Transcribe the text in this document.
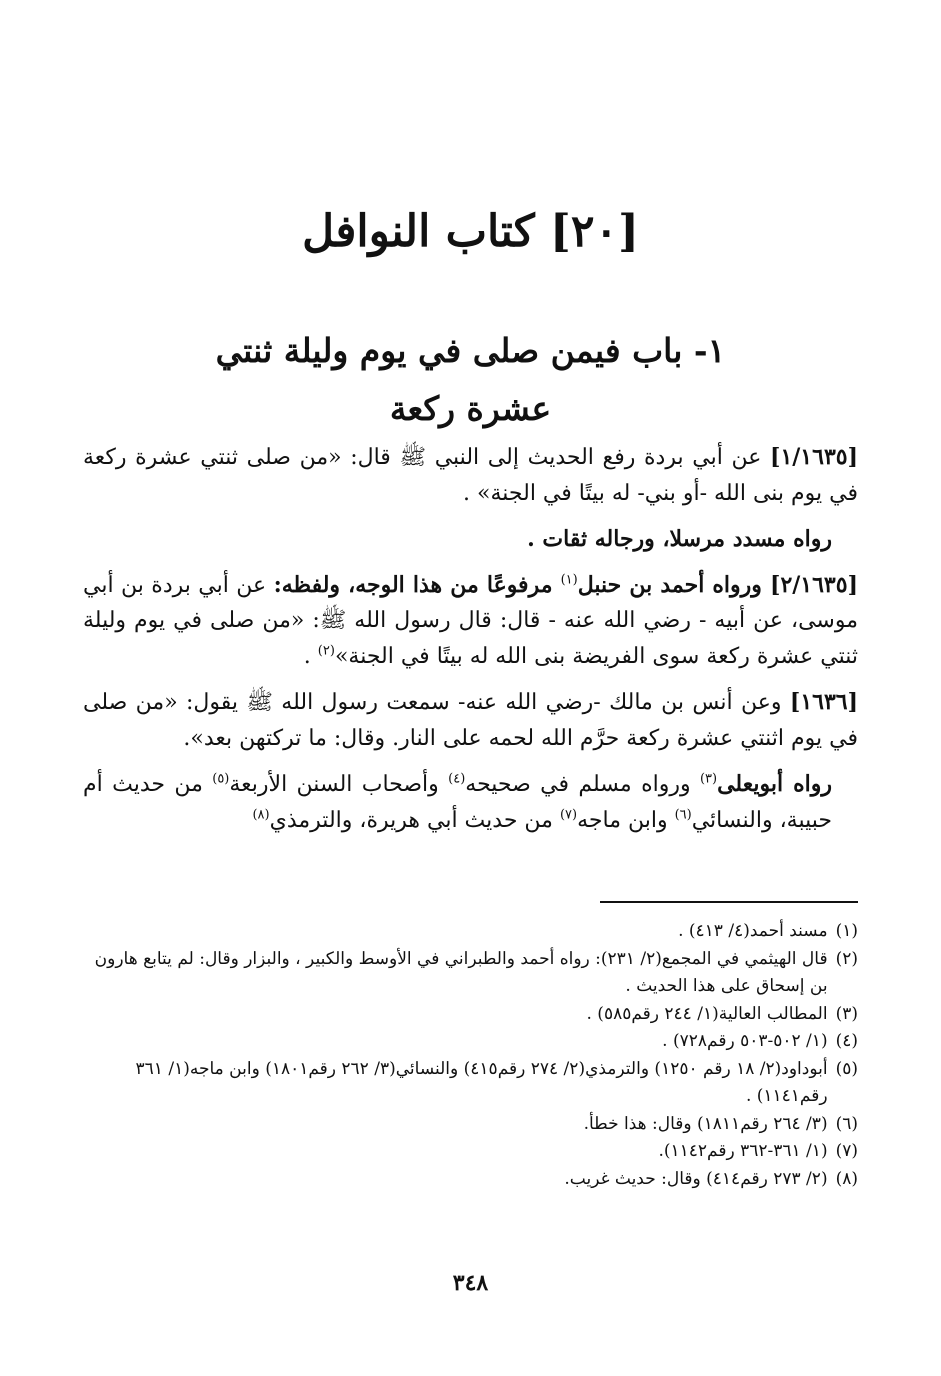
[٢٠] كتاب النوافل
١- باب فيمن صلى في يوم وليلة ثنتي
عشرة ركعة

[١/١٦٣٥] عن أبي بردة رفع الحديث إلى النبي ﷺ قال: «من صلى ثنتي عشرة ركعة في يوم بنى الله -أو بني- له بيتًا في الجنة» .

رواه مسدد مرسلا، ورجاله ثقات .

[٢/١٦٣٥] ورواه أحمد بن حنبل$^{(١)}$ مرفوعًا من هذا الوجه، ولفظه: عن أبي بردة بن أبي موسى، عن أبيه - رضي الله عنه - قال: قال رسول الله ﷺ: «من صلى في يوم وليلة ثنتي عشرة ركعة سوى الفريضة بنى الله له بيتًا في الجنة»$^{(٢)}$ .

[١٦٣٦] وعن أنس بن مالك -رضي الله عنه- سمعت رسول الله ﷺ يقول: «من صلى في يوم اثنتي عشرة ركعة حرَّم الله لحمه على النار. وقال: ما تركتهن بعد».

رواه أبويعلى$^{(٣)}$ ورواه مسلم في صحيحه$^{(٤)}$ وأصحاب السنن الأربعة$^{(٥)}$ من حديث أم حبيبة، والنسائي$^{(٦)}$ وابن ماجه$^{(٧)}$ من حديث أبي هريرة، والترمذي$^{(٨)}$

(١)
مسند أحمد(٤/ ٤١٣) .
(٢)
قال الهيثمي في المجمع(٢/ ٢٣١): رواه أحمد والطبراني في الأوسط والكبير ، والبزار وقال: لم يتابع هارون بن إسحاق على هذا الحديث .
(٣)
المطالب العالية(١/ ٢٤٤ رقم٥٨٥) .
(٤)
(١/ ٥٠٢-٥٠٣ رقم٧٢٨) .
(٥)
أبوداود(٢/ ١٨ رقم ١٢٥٠) والترمذي(٢/ ٢٧٤ رقم٤١٥) والنسائي(٣/ ٢٦٢ رقم١٨٠١) وابن ماجه(١/ ٣٦١ رقم١١٤١) .
(٦)
(٣/ ٢٦٤ رقم١٨١١) وقال: هذا خطأ.
(٧)
(١/ ٣٦١-٣٦٢ رقم١١٤٢).
(٨)
(٢/ ٢٧٣ رقم٤١٤) وقال: حديث غريب.
٣٤٨
